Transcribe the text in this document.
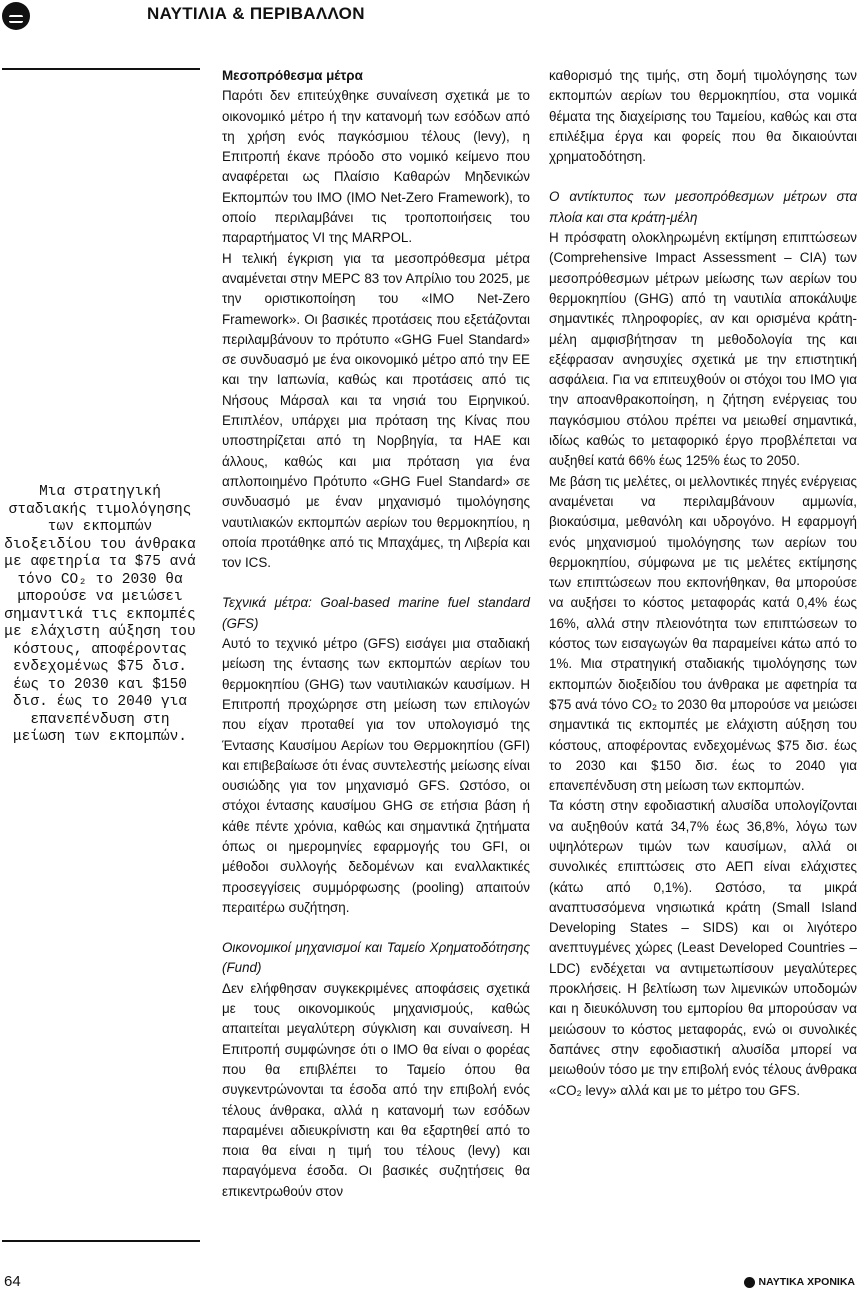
ΝΑΥΤΙΛΙΑ & ΠΕΡΙΒΑΛΛΟΝ
Μια στρατηγική σταδιακής τιμολόγησης των εκπομπών διοξειδίου του άνθρακα με αφετηρία τα $75 ανά τόνο CO₂ το 2030 θα μπορούσε να μειώσει σημαντικά τις εκπομπές με ελάχιστη αύξηση του κόστους, αποφέροντας ενδεχομένως $75 δισ. έως το 2030 και $150 δισ. έως το 2040 για επανεπένδυση στη μείωση των εκπομπών.

Μεσοπρόθεσμα μέτρα

Παρότι δεν επιτεύχθηκε συναίνεση σχετικά με το οικονομικό μέτρο ή την κατανομή των εσόδων από τη χρήση ενός παγκόσμιου τέλους (levy), η Επιτροπή έκανε πρόοδο στο νομικό κείμενο που αναφέρεται ως Πλαίσιο Καθαρών Μηδενικών Εκπομπών του IMO (IMO Net-Zero Framework), το οποίο περιλαμβάνει τις τροποποιήσεις του παραρτήματος VI της MARPOL.

Η τελική έγκριση για τα μεσοπρόθεσμα μέτρα αναμένεται στην MEPC 83 τον Απρίλιο του 2025, με την οριστικοποίηση του «IMO Net-Zero Framework». Οι βασικές προτάσεις που εξετάζονται περιλαμβάνουν το πρότυπο «GHG Fuel Standard» σε συνδυασμό με ένα οικονομικό μέτρο από την ΕΕ και την Ιαπωνία, καθώς και προτάσεις από τις Νήσους Μάρσαλ και τα νησιά του Ειρηνικού. Επιπλέον, υπάρχει μια πρόταση της Κίνας που υποστηρίζεται από τη Νορβηγία, τα ΗΑΕ και άλλους, καθώς και μια πρόταση για ένα απλοποιημένο Πρότυπο «GHG Fuel Standard» σε συνδυασμό με έναν μηχανισμό τιμολόγησης ναυτιλιακών εκπομπών αερίων του θερμοκηπίου, η οποία προτάθηκε από τις Μπαχάμες, τη Λιβερία και τον ICS.

Τεχνικά μέτρα: Goal-based marine fuel standard (GFS)

Αυτό το τεχνικό μέτρο (GFS) εισάγει μια σταδιακή μείωση της έντασης των εκπομπών αερίων του θερμοκηπίου (GHG) των ναυτιλιακών καυσίμων. Η Επιτροπή προχώρησε στη μείωση των επιλογών που είχαν προταθεί για τον υπολογισμό της Έντασης Καυσίμου Αερίων του Θερμοκηπίου (GFI) και επιβεβαίωσε ότι ένας συντελεστής μείωσης είναι ουσιώδης για τον μηχανισμό GFS. Ωστόσο, οι στόχοι έντασης καυσίμου GHG σε ετήσια βάση ή κάθε πέντε χρόνια, καθώς και σημαντικά ζητήματα όπως οι ημερομηνίες εφαρμογής του GFI, οι μέθοδοι συλλογής δεδομένων και εναλλακτικές προσεγγίσεις συμμόρφωσης (pooling) απαιτούν περαιτέρω συζήτηση.

Οικονομικοί μηχανισμοί και Ταμείο Χρηματοδότησης (Fund)

Δεν ελήφθησαν συγκεκριμένες αποφάσεις σχετικά με τους οικονομικούς μηχανισμούς, καθώς απαιτείται μεγαλύτερη σύγκλιση και συναίνεση. Η Επιτροπή συμφώνησε ότι ο IMO θα είναι ο φορέας που θα επιβλέπει το Ταμείο όπου θα συγκεντρώνονται τα έσοδα από την επιβολή ενός τέλους άνθρακα, αλλά η κατανομή των εσόδων παραμένει αδιευκρίνιστη και θα εξαρτηθεί από το ποια θα είναι η τιμή του τέλους (levy) και παραγόμενα έσοδα. Οι βασικές συζητήσεις θα επικεντρωθούν στον

καθορισμό της τιμής, στη δομή τιμολόγησης των εκπομπών αερίων του θερμοκηπίου, στα νομικά θέματα της διαχείρισης του Ταμείου, καθώς και στα επιλέξιμα έργα και φορείς που θα δικαιούνται χρηματοδότηση.

Ο αντίκτυπος των μεσοπρόθεσμων μέτρων στα πλοία και στα κράτη-μέλη

Η πρόσφατη ολοκληρωμένη εκτίμηση επιπτώσεων (Comprehensive Impact Assessment – CIA) των μεσοπρόθεσμων μέτρων μείωσης των αερίων του θερμοκηπίου (GHG) από τη ναυτιλία αποκάλυψε σημαντικές πληροφορίες, αν και ορισμένα κράτη-μέλη αμφισβήτησαν τη μεθοδολογία της και εξέφρασαν ανησυχίες σχετικά με την επιστητική ασφάλεια. Για να επιτευχθούν οι στόχοι του IMO για την αποανθρακοποίηση, η ζήτηση ενέργειας του παγκόσμιου στόλου πρέπει να μειωθεί σημαντικά, ιδίως καθώς το μεταφορικό έργο προβλέπεται να αυξηθεί κατά 66% έως 125% έως το 2050.

Με βάση τις μελέτες, οι μελλοντικές πηγές ενέργειας αναμένεται να περιλαμβάνουν αμμωνία, βιοκαύσιμα, μεθανόλη και υδρογόνο. Η εφαρμογή ενός μηχανισμού τιμολόγησης των αερίων του θερμοκηπίου, σύμφωνα με τις μελέτες εκτίμησης των επιπτώσεων που εκπονήθηκαν, θα μπορούσε να αυξήσει το κόστος μεταφοράς κατά 0,4% έως 16%, αλλά στην πλειονότητα των επιπτώσεων το κόστος των εισαγωγών θα παραμείνει κάτω από το 1%. Μια στρατηγική σταδιακής τιμολόγησης των εκπομπών διοξειδίου του άνθρακα με αφετηρία τα $75 ανά τόνο CO₂ το 2030 θα μπορούσε να μειώσει σημαντικά τις εκπομπές με ελάχιστη αύξηση του κόστους, αποφέροντας ενδεχομένως $75 δισ. έως το 2030 και $150 δισ. έως το 2040 για επανεπένδυση στη μείωση των εκπομπών.

Τα κόστη στην εφοδιαστική αλυσίδα υπολογίζονται να αυξηθούν κατά 34,7% έως 36,8%, λόγω των υψηλότερων τιμών των καυσίμων, αλλά οι συνολικές επιπτώσεις στο ΑΕΠ είναι ελάχιστες (κάτω από 0,1%). Ωστόσο, τα μικρά αναπτυσσόμενα νησιωτικά κράτη (Small Island Developing States – SIDS) και οι λιγότερο ανεπτυγμένες χώρες (Least Developed Countries – LDC) ενδέχεται να αντιμετωπίσουν μεγαλύτερες προκλήσεις. Η βελτίωση των λιμενικών υποδομών και η διευκόλυνση του εμπορίου θα μπορούσαν να μειώσουν το κόστος μεταφοράς, ενώ οι συνολικές δαπάνες στην εφοδιαστική αλυσίδα μπορεί να μειωθούν τόσο με την επιβολή ενός τέλους άνθρακα «CO₂ levy» αλλά και με το μέτρο του GFS.

64	ΝΑΥΤΙΚΑ ΧΡΟΝΙΚΑ
